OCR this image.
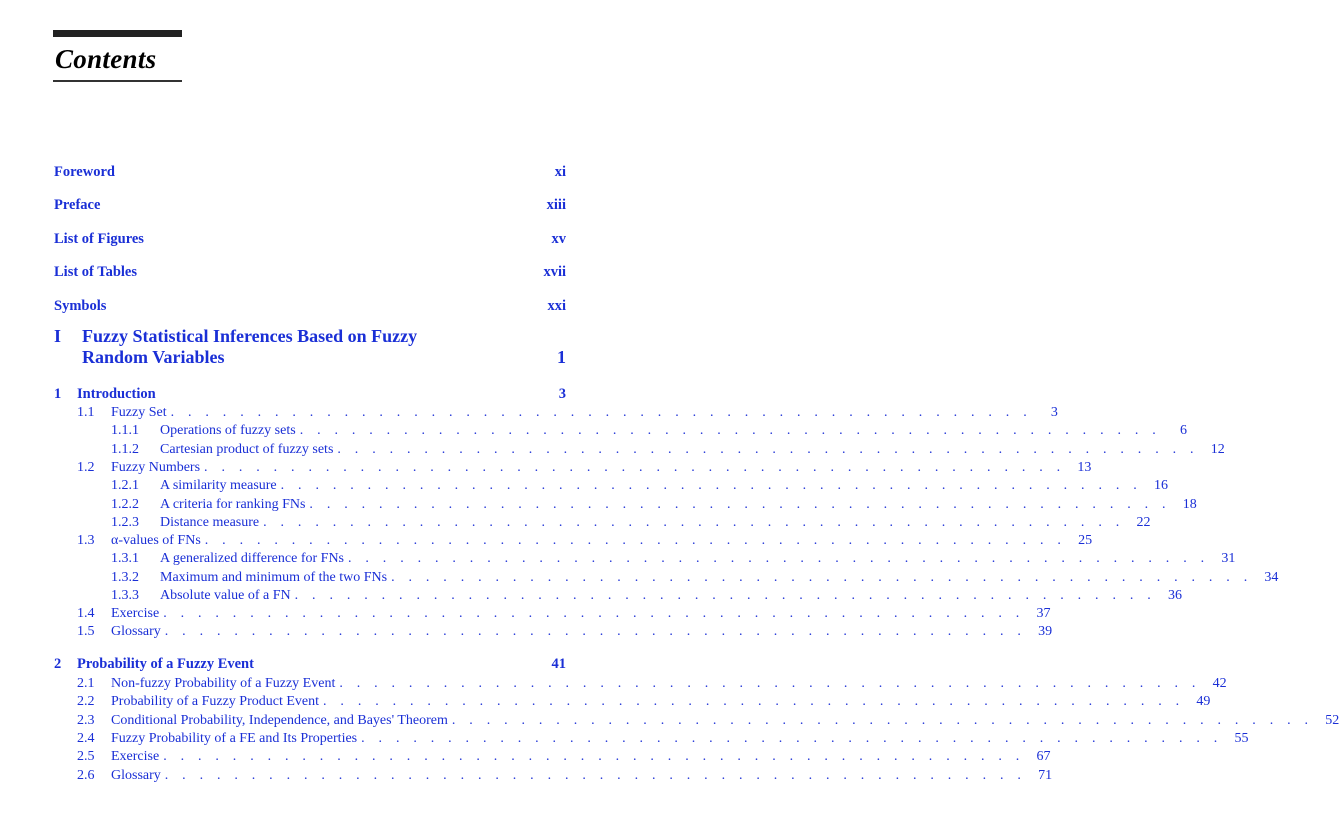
Contents
Foreword	xi
Preface	xiii
List of Figures	xv
List of Tables	xvii
Symbols	xxi
I Fuzzy Statistical Inferences Based on Fuzzy
Random Variables	1
1 Introduction	3
1.1	Fuzzy Set . . . . . . . . . . . . . . . . . . . . . . . . . . . . . . . . . . . . . . . . . . . . . . . . . .	3
1.1.1	Operations of fuzzy sets . . . . . . . . . . . . . . . . . . . . . . . . . . . . . . . . . . . . . . . . . . . . . . . . . .	6
1.1.2	Cartesian product of fuzzy sets . . . . . . . . . . . . . . . . . . . . . . . . . . . . . . . . . . . . . . . . . . . . . . . . . . 12
1.2	Fuzzy Numbers . . . . . . . . . . . . . . . . . . . . . . . . . . . . . . . . . . . . . . . . . . . . . . . . . . 13
1.2.1	A similarity measure . . . . . . . . . . . . . . . . . . . . . . . . . . . . . . . . . . . . . . . . . . . . . . . . . . 16
1.2.2	A criteria for ranking FNs . . . . . . . . . . . . . . . . . . . . . . . . . . . . . . . . . . . . . . . . . . . . . . . . . . 18
1.2.3	Distance measure . . . . . . . . . . . . . . . . . . . . . . . . . . . . . . . . . . . . . . . . . . . . . . . . . . 22
1.3	α-values of FNs . . . . . . . . . . . . . . . . . . . . . . . . . . . . . . . . . . . . . . . . . . . . . . . . . . 25
1.3.1	A generalized difference for FNs . . . . . . . . . . . . . . . . . . . . . . . . . . . . . . . . . . . . . . . . . . . . . . . . . . 31
1.3.2	Maximum and minimum of the two FNs . . . . . . . . . . . . . . . . . . . . . . . . . . . . . . . . . . . . . . . . . . . . . . . . . . 34
1.3.3	Absolute value of a FN . . . . . . . . . . . . . . . . . . . . . . . . . . . . . . . . . . . . . . . . . . . . . . . . . . 36
1.4	Exercise . . . . . . . . . . . . . . . . . . . . . . . . . . . . . . . . . . . . . . . . . . . . . . . . . . 37
1.5	Glossary . . . . . . . . . . . . . . . . . . . . . . . . . . . . . . . . . . . . . . . . . . . . . . . . . . 39
2 Probability of a Fuzzy Event	41
2.1	Non-fuzzy Probability of a Fuzzy Event . . . . . . . . . . . . . . . . . . . . . . . . . . . . . . . . . . . . . . . . . . . . . . . . . . 42
2.2	Probability of a Fuzzy Product Event . . . . . . . . . . . . . . . . . . . . . . . . . . . . . . . . . . . . . . . . . . . . . . . . . . 49
2.3	Conditional Probability, Independence, and Bayes' Theorem . . . . . . . . . . . . . . . . . . . . . . . . . . . . . . . . . . . . . . . . . . . . . . . . . . 52
2.4	Fuzzy Probability of a FE and Its Properties . . . . . . . . . . . . . . . . . . . . . . . . . . . . . . . . . . . . . . . . . . . . . . . . . . 55
2.5	Exercise . . . . . . . . . . . . . . . . . . . . . . . . . . . . . . . . . . . . . . . . . . . . . . . . . . 67
2.6	Glossary . . . . . . . . . . . . . . . . . . . . . . . . . . . . . . . . . . . . . . . . . . . . . . . . . . 71
